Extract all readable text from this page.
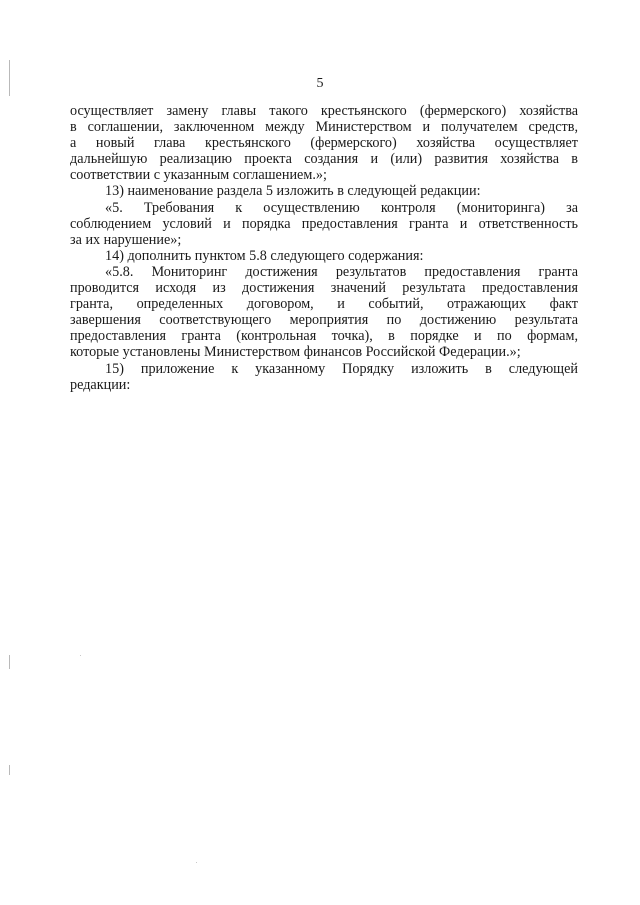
5
осуществляет замену главы такого крестьянского (фермерского) хозяйства
в соглашении, заключенном между Министерством и получателем средств,
а новый глава крестьянского (фермерского) хозяйства осуществляет
дальнейшую реализацию проекта создания и (или) развития хозяйства в
соответствии с указанным соглашением.»;
13) наименование раздела 5 изложить в следующей редакции:
«5. Требования к осуществлению контроля (мониторинга) за
соблюдением условий и порядка предоставления гранта и ответственность
за их нарушение»;
14) дополнить пунктом 5.8 следующего содержания:
«5.8. Мониторинг достижения результатов предоставления гранта
проводится исходя из достижения значений результата предоставления
гранта, определенных договором, и событий, отражающих факт
завершения соответствующего мероприятия по достижению результата
предоставления гранта (контрольная точка), в порядке и по формам,
которые установлены Министерством финансов Российской Федерации.»;
15) приложение к указанному Порядку изложить в следующей
редакции:
